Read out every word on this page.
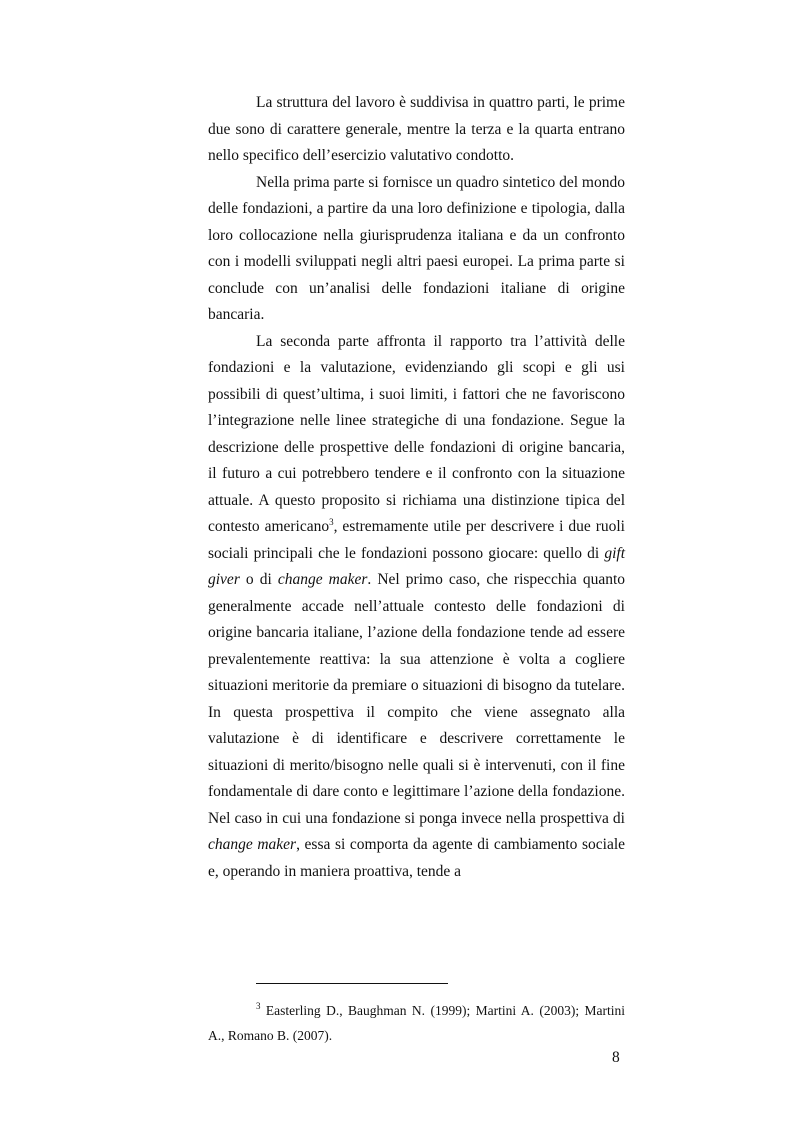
La struttura del lavoro è suddivisa in quattro parti, le prime due sono di carattere generale, mentre la terza e la quarta entrano nello specifico dell’esercizio valutativo condotto.

Nella prima parte si fornisce un quadro sintetico del mondo delle fondazioni, a partire da una loro definizione e tipologia, dalla loro collocazione nella giurisprudenza italiana e da un confronto con i modelli sviluppati negli altri paesi europei. La prima parte si conclude con un’analisi delle fondazioni italiane di origine bancaria.

La seconda parte affronta il rapporto tra l’attività delle fondazioni e la valutazione, evidenziando gli scopi e gli usi possibili di quest’ultima, i suoi limiti, i fattori che ne favoriscono l’integrazione nelle linee strategiche di una fondazione. Segue la descrizione delle prospettive delle fondazioni di origine bancaria, il futuro a cui potrebbero tendere e il confronto con la situazione attuale. A questo proposito si richiama una distinzione tipica del contesto americano$^3$, estremamente utile per descrivere i due ruoli sociali principali che le fondazioni possono giocare: quello di gift giver o di change maker. Nel primo caso, che rispecchia quanto generalmente accade nell’attuale contesto delle fondazioni di origine bancaria italiane, l’azione della fondazione tende ad essere prevalentemente reattiva: la sua attenzione è volta a cogliere situazioni meritorie da premiare o situazioni di bisogno da tutelare. In questa prospettiva il compito che viene assegnato alla valutazione è di identificare e descrivere correttamente le situazioni di merito/bisogno nelle quali si è intervenuti, con il fine fondamentale di dare conto e legittimare l’azione della fondazione. Nel caso in cui una fondazione si ponga invece nella prospettiva di change maker, essa si comporta da agente di cambiamento sociale e, operando in maniera proattiva, tende a

$^3$ Easterling D., Baughman N. (1999); Martini A. (2003); Martini A., Romano B. (2007).
8
